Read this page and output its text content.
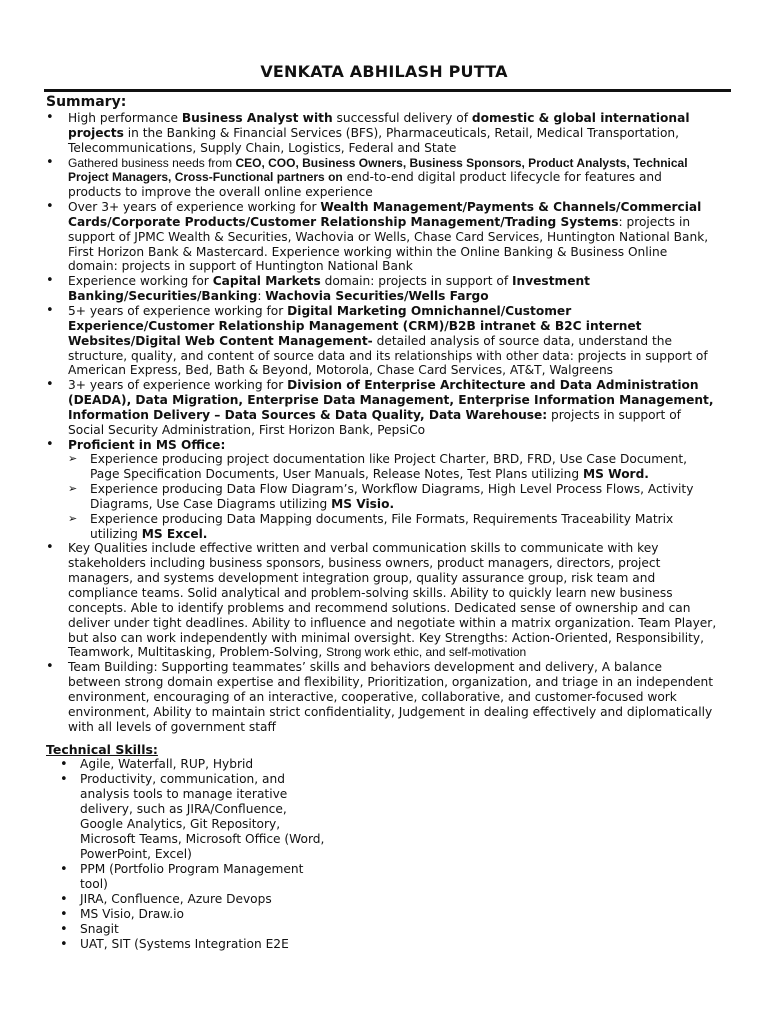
VENKATA ABHILASH PUTTA
Summary:
• High performance Business Analyst with successful delivery of domestic & global international projects in the Banking & Financial Services (BFS), Pharmaceuticals, Retail, Medical Transportation, Telecommunications, Supply Chain, Logistics, Federal and State
• Gathered business needs from CEO, COO, Business Owners, Business Sponsors, Product Analysts, Technical Project Managers, Cross-Functional partners on end-to-end digital product lifecycle for features and products to improve the overall online experience
• Over 3+ years of experience working for Wealth Management/Payments & Channels/Commercial Cards/Corporate Products/Customer Relationship Management/Trading Systems: projects in support of JPMC Wealth & Securities, Wachovia or Wells, Chase Card Services, Huntington National Bank, First Horizon Bank & Mastercard. Experience working within the Online Banking & Business Online domain: projects in support of Huntington National Bank
• Experience working for Capital Markets domain: projects in support of Investment Banking/Securities/Banking: Wachovia Securities/Wells Fargo
• 5+ years of experience working for Digital Marketing Omnichannel/Customer Experience/Customer Relationship Management (CRM)/B2B intranet & B2C internet Websites/Digital Web Content Management- detailed analysis of source data, understand the structure, quality, and content of source data and its relationships with other data: projects in support of American Express, Bed, Bath & Beyond, Motorola, Chase Card Services, AT&T, Walgreens
• 3+ years of experience working for Division of Enterprise Architecture and Data Administration (DEADA), Data Migration, Enterprise Data Management, Enterprise Information Management, Information Delivery – Data Sources & Data Quality, Data Warehouse: projects in support of Social Security Administration, First Horizon Bank, PepsiCo
• Proficient in MS Office:
➢ Experience producing project documentation like Project Charter, BRD, FRD, Use Case Document, Page Specification Documents, User Manuals, Release Notes, Test Plans utilizing MS Word.
➢ Experience producing Data Flow Diagram’s, Workflow Diagrams, High Level Process Flows, Activity Diagrams, Use Case Diagrams utilizing MS Visio.
➢ Experience producing Data Mapping documents, File Formats, Requirements Traceability Matrix utilizing MS Excel.
• Key Qualities include effective written and verbal communication skills to communicate with key stakeholders including business sponsors, business owners, product managers, directors, project managers, and systems development integration group, quality assurance group, risk team and compliance teams. Solid analytical and problem-solving skills. Ability to quickly learn new business concepts. Able to identify problems and recommend solutions. Dedicated sense of ownership and can deliver under tight deadlines. Ability to influence and negotiate within a matrix organization. Team Player, but also can work independently with minimal oversight. Key Strengths: Action-Oriented, Responsibility, Teamwork, Multitasking, Problem-Solving, Strong work ethic, and self-motivation
• Team Building: Supporting teammates’ skills and behaviors development and delivery, A balance between strong domain expertise and flexibility, Prioritization, organization, and triage in an independent environment, encouraging of an interactive, cooperative, collaborative, and customer-focused work environment, Ability to maintain strict confidentiality, Judgement in dealing effectively and diplomatically with all levels of government staff
Technical Skills:
• Agile, Waterfall, RUP, Hybrid
• Productivity, communication, and analysis tools to manage iterative delivery, such as JIRA/Confluence, Google Analytics, Git Repository, Microsoft Teams, Microsoft Office (Word, PowerPoint, Excel)
• PPM (Portfolio Program Management tool)
• JIRA, Confluence, Azure Devops
• MS Visio, Draw.io
• Snagit
• UAT, SIT (Systems Integration E2E
